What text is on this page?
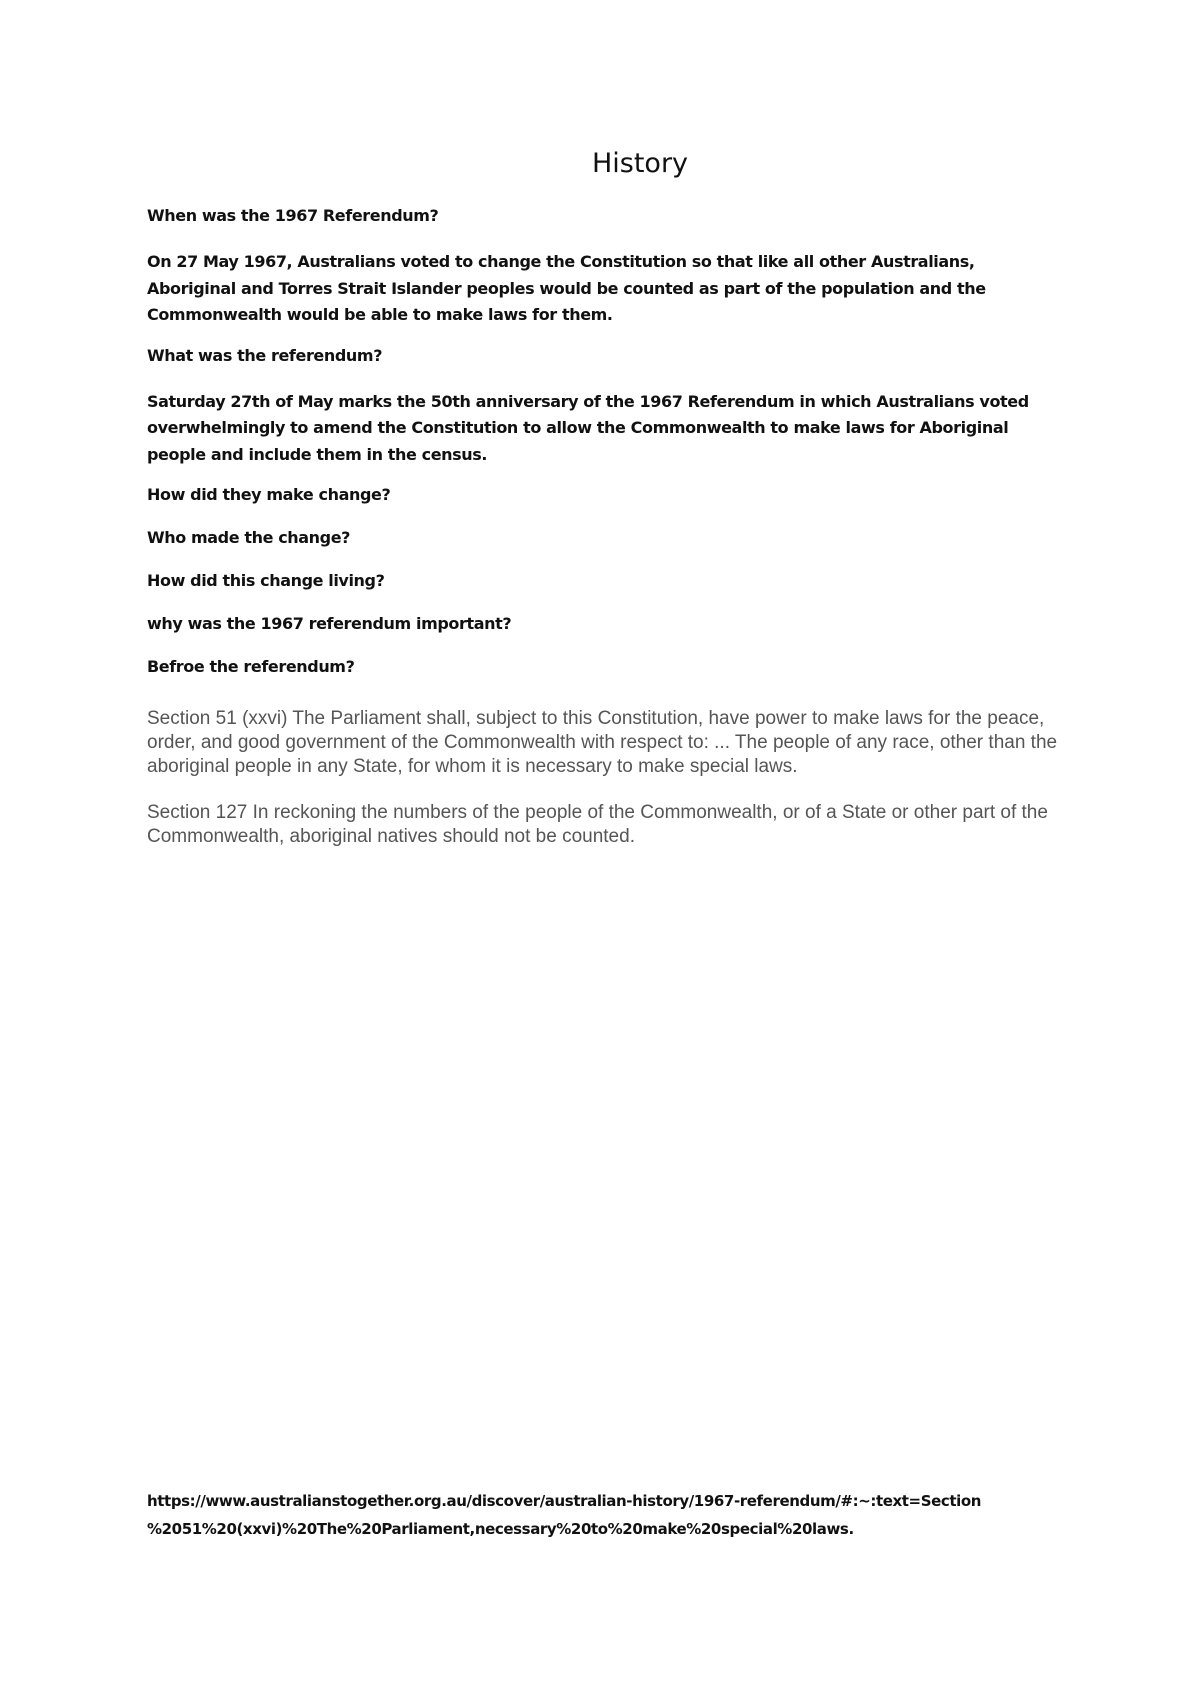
History

When was the 1967 Referendum?

On 27 May 1967, Australians voted to change the Constitution so that like all other Australians, Aboriginal and Torres Strait Islander peoples would be counted as part of the population and the Commonwealth would be able to make laws for them.

What was the referendum?

Saturday 27th of May marks the 50th anniversary of the 1967 Referendum in which Australians voted overwhelmingly to amend the Constitution to allow the Commonwealth to make laws for Aboriginal people and include them in the census.

How did they make change?

Who made the change?

How did this change living?

why was the 1967 referendum important?

Befroe the referendum?

Section 51 (xxvi) The Parliament shall, subject to this Constitution, have power to make laws for the peace, order, and good government of the Commonwealth with respect to: ... The people of any race, other than the aboriginal people in any State, for whom it is necessary to make special laws.

Section 127 In reckoning the numbers of the people of the Commonwealth, or of a State or other part of the Commonwealth, aboriginal natives should not be counted.

https://www.australianstogether.org.au/discover/australian-history/1967-referendum/#:~:text=Section
%2051%20(xxvi)%20The%20Parliament,necessary%20to%20make%20special%20laws.
